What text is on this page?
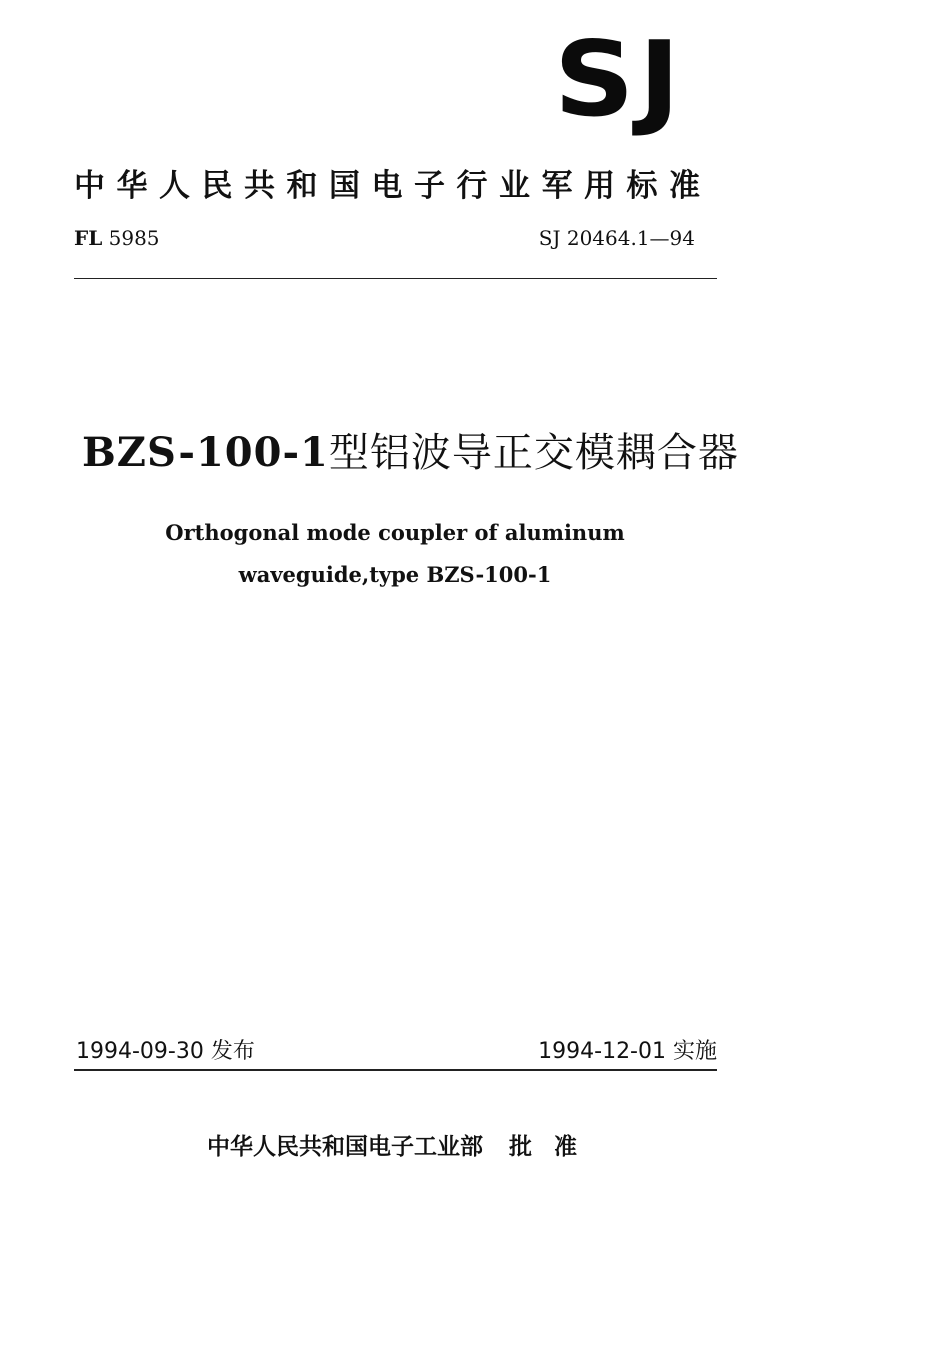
SJ
中华人民共和国电子行业军用标准
FL 5985	SJ 20464.1—94
BZS-100-1型铝波导正交模耦合器
Orthogonal mode coupler of aluminum
waveguide,type BZS-100-1
1994-09-30 发布	1994-12-01 实施
中华人民共和国电子工业部 批 准
